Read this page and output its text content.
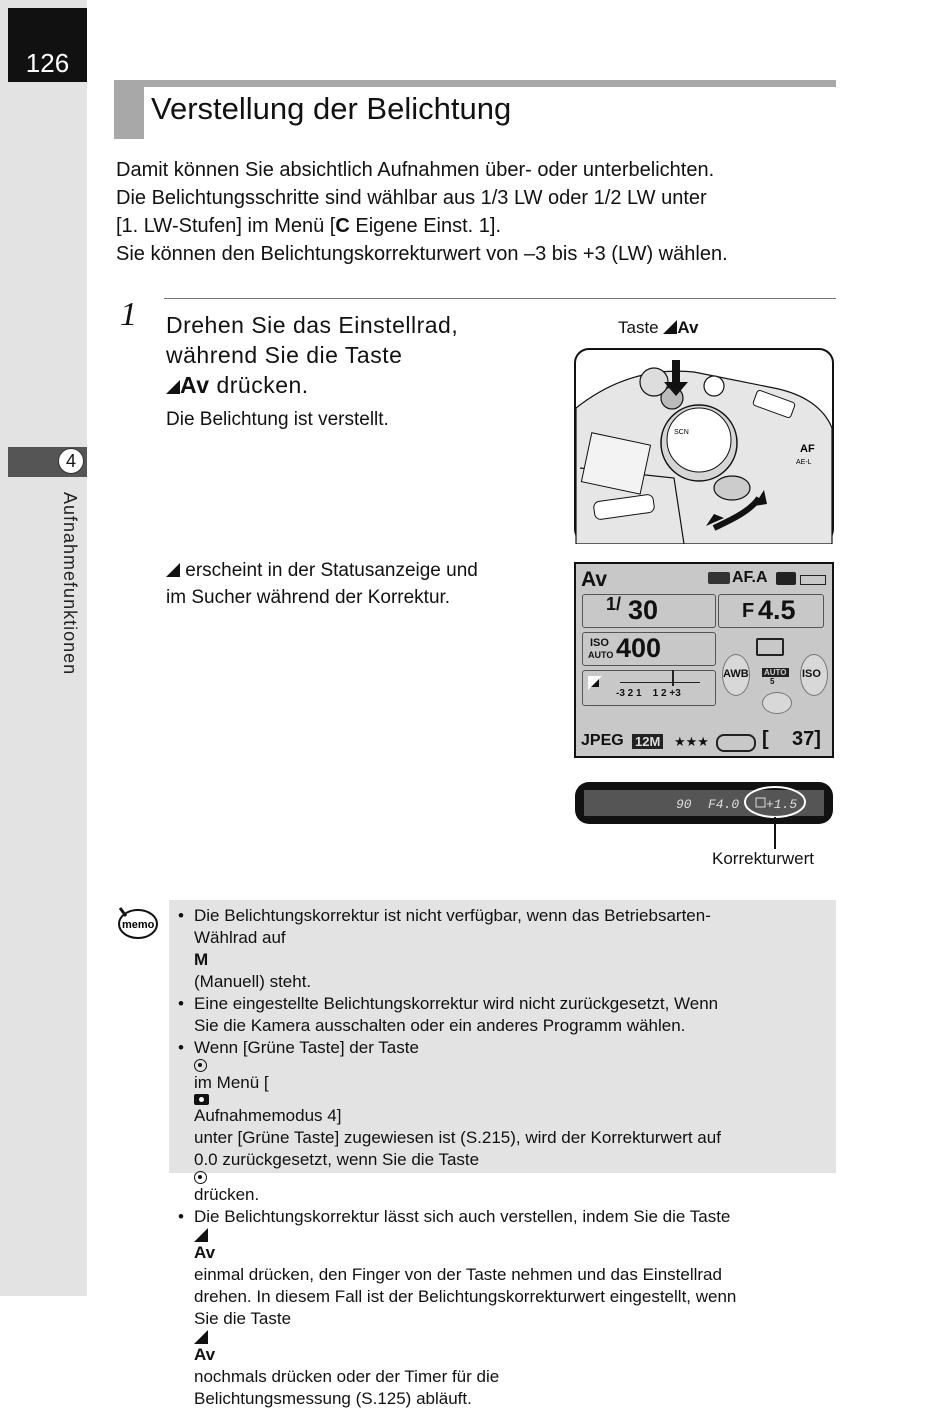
126
4
Aufnahmefunktionen
Verstellung der Belichtung
Damit können Sie absichtlich Aufnahmen über- oder unterbelichten.
Die Belichtungsschritte sind wählbar aus 1/3 LW oder 1/2 LW unter
[1. LW-Stufen] im Menü [C Eigene Einst. 1].
Sie können den Belichtungskorrekturwert von –3 bis +3 (LW) wählen.
1 Drehen Sie das Einstellrad,
während Sie die Taste
Av drücken.
Die Belichtung ist verstellt.
erscheint in der Statusanzeige und
im Sucher während der Korrektur.
Taste Av
SCN
AF
AE-L
Av	AF.A
1/ 30	F 4.5
ISO
AUTO 400
-3 2 1    1 2 +3
AWB AUTO
5
ISO
JPEG 12M ★★★	[ 37]
90 F4.0 +1.5
Korrekturwert
memo
• Die Belichtungskorrektur ist nicht verfügbar, wenn das Betriebsarten-
Wählrad auf
M
(Manuell) steht.
• Eine eingestellte Belichtungskorrektur wird nicht zurückgesetzt, Wenn
Sie die Kamera ausschalten oder ein anderes Programm wählen.
• Wenn [Grüne Taste] der Taste
im Menü [
Aufnahmemodus 4]
unter [Grüne Taste] zugewiesen ist (S.215), wird der Korrekturwert auf
0.0 zurückgesetzt, wenn Sie die Taste
drücken.
• Die Belichtungskorrektur lässt sich auch verstellen, indem Sie die Taste
Av
einmal drücken, den Finger von der Taste nehmen und das Einstellrad
drehen. In diesem Fall ist der Belichtungskorrekturwert eingestellt, wenn
Sie die Taste
Av
nochmals drücken oder der Timer für die
Belichtungsmessung (S.125) abläuft.
